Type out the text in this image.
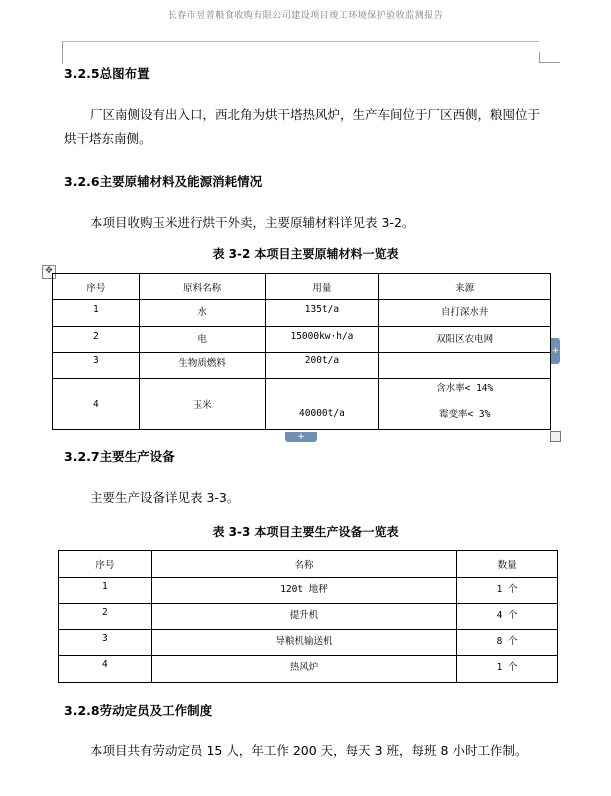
长春市昱普粮食收购有限公司建设项目竣工环境保护验收监测报告
3.2.5总图布置
厂区南侧设有出入口，西北角为烘干塔热风炉，生产车间位于厂区西侧，粮囤位于烘干塔东南侧。
3.2.6主要原辅材料及能源消耗情况
本项目收购玉米进行烘干外卖，主要原辅材料详见表 3-2。
表 3-2 本项目主要原辅材料一览表
✥
序号	原料名称	用量	来源
1	水	135t/a	自打深水井
2	电	15000kw·h/a	双阳区农电网
3	生物质燃料	200t/a	
4	玉米	40000t/a	含水率< 14%
霉变率< 3%
+
+
3.2.7主要生产设备
主要生产设备详见表 3-3。
表 3-3 本项目主要生产设备一览表
序号	名称	数量
1	120t 地秤	1 个
2	提升机	4 个
3	导粮机输送机	8 个
4	热风炉	1 个
3.2.8劳动定员及工作制度
本项目共有劳动定员 15 人，年工作 200 天，每天 3 班，每班 8 小时工作制。
